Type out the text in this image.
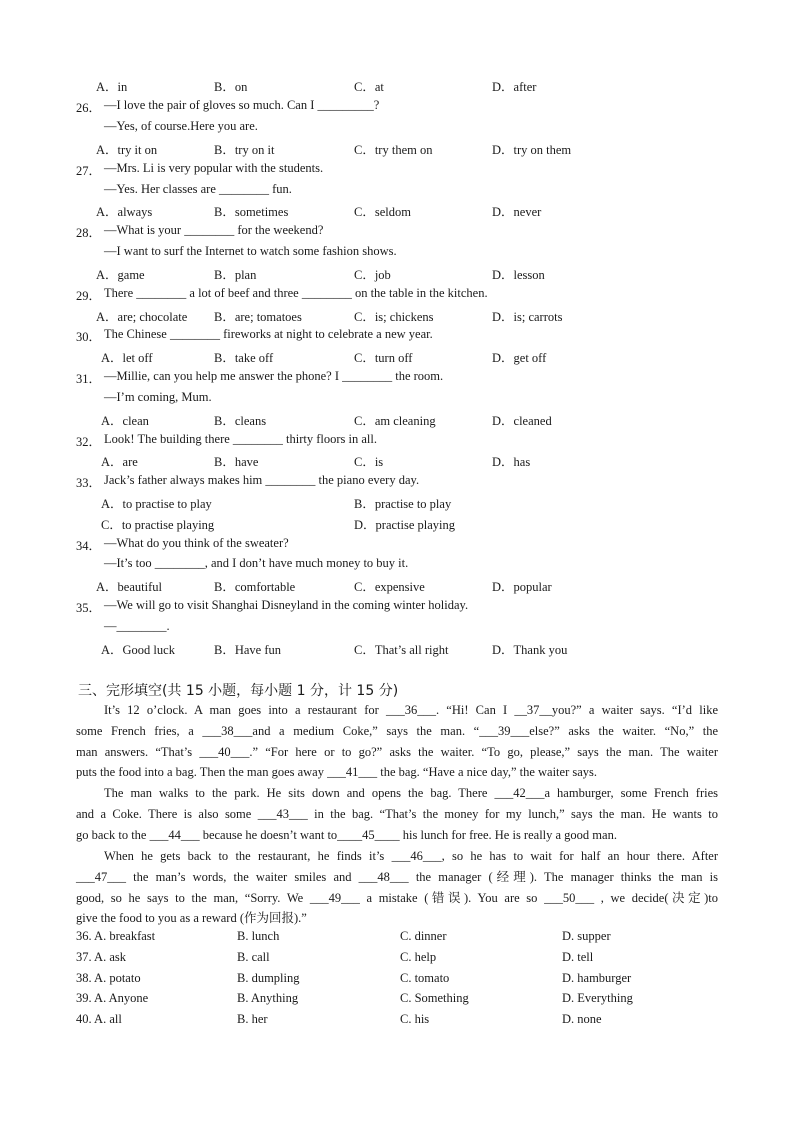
A．in	B．on	C．at	D．after
26． —I love the pair of gloves so much. Can I _________?
—Yes, of course.Here you are.
A．try it on	B．try on it	C．try them on	D．try on them
27． —Mrs. Li is very popular with the students.
—Yes. Her classes are ________ fun.
A．always	B．sometimes	C．seldom	D．never
28． —What is your ________ for the weekend?
—I want to surf the Internet to watch some fashion shows.
A．game	B．plan	C．job	D．lesson
29． There ________ a lot of beef and three ________ on the table in the kitchen.
A．are; chocolate B．are; tomatoes	C．is; chickens	D．is; carrots
30． The Chinese ________ fireworks at night to celebrate a new year.
A．let off	B．take off	C．turn off	D．get off
31． —Millie, can you help me answer the phone? I ________ the room.
—I’m coming, Mum.
A．clean	B．cleans	C．am cleaning	D．cleaned
32． Look! The building there ________ thirty floors in all.
A．are	B．have	C．is	D．has
33． Jack’s father always makes him ________ the piano every day.
A．to practise to play	B．practise to play
C．to practise playing	D．practise playing
34． —What do you think of the sweater?
—It’s too ________, and I don’t have much money to buy it.
A．beautiful	B．comfortable	C．expensive	D．popular
35． —We will go to visit Shanghai Disneyland in the coming winter holiday.
—________.
A．Good luck	B．Have fun	C．That’s all right	D．Thank you
三、完形填空(共 15 小题，每小题 1 分，计 15 分)
It’s 12 o’clock. A man goes into a restaurant for ___36___. “Hi! Can I __37__you?” a waiter says. “I’d like
some French fries, a ___38___and a medium Coke,” says the man. “___39___else?” asks the waiter. “No,” the
man answers. “That’s ___40___.” “For here or to go?” asks the waiter. “To go, please,” says the man. The waiter
puts the food into a bag. Then the man goes away ___41___ the bag. “Have a nice day,” the waiter says.
The man walks to the park. He sits down and opens the bag. There ___42___a hamburger, some French fries
and a Coke. There is also some ___43___ in the bag. “That’s the money for my lunch,” says the man. He wants to
go back to the ___44___ because he doesn’t want to____45____ his lunch for free. He is really a good man.
When he gets back to the restaurant, he finds it’s ___46___, so he has to wait for half an hour there. After
___47___ the man’s words, the waiter smiles and ___48___ the manager (经理). The manager thinks the man is
good, so he says to the man, “Sorry. We ___49___ a mistake (错误). You are so ___50___ , we decide(决定)to
give the food to you as a reward (作为回报).”
36. A. breakfast	B. lunch	C. dinner	D. supper
37. A. ask	B. call	C. help	D. tell
38. A. potato	B. dumpling	C. tomato	D. hamburger
39. A. Anyone	B. Anything	C. Something	D. Everything
40. A. all	B. her	C. his	D. none
